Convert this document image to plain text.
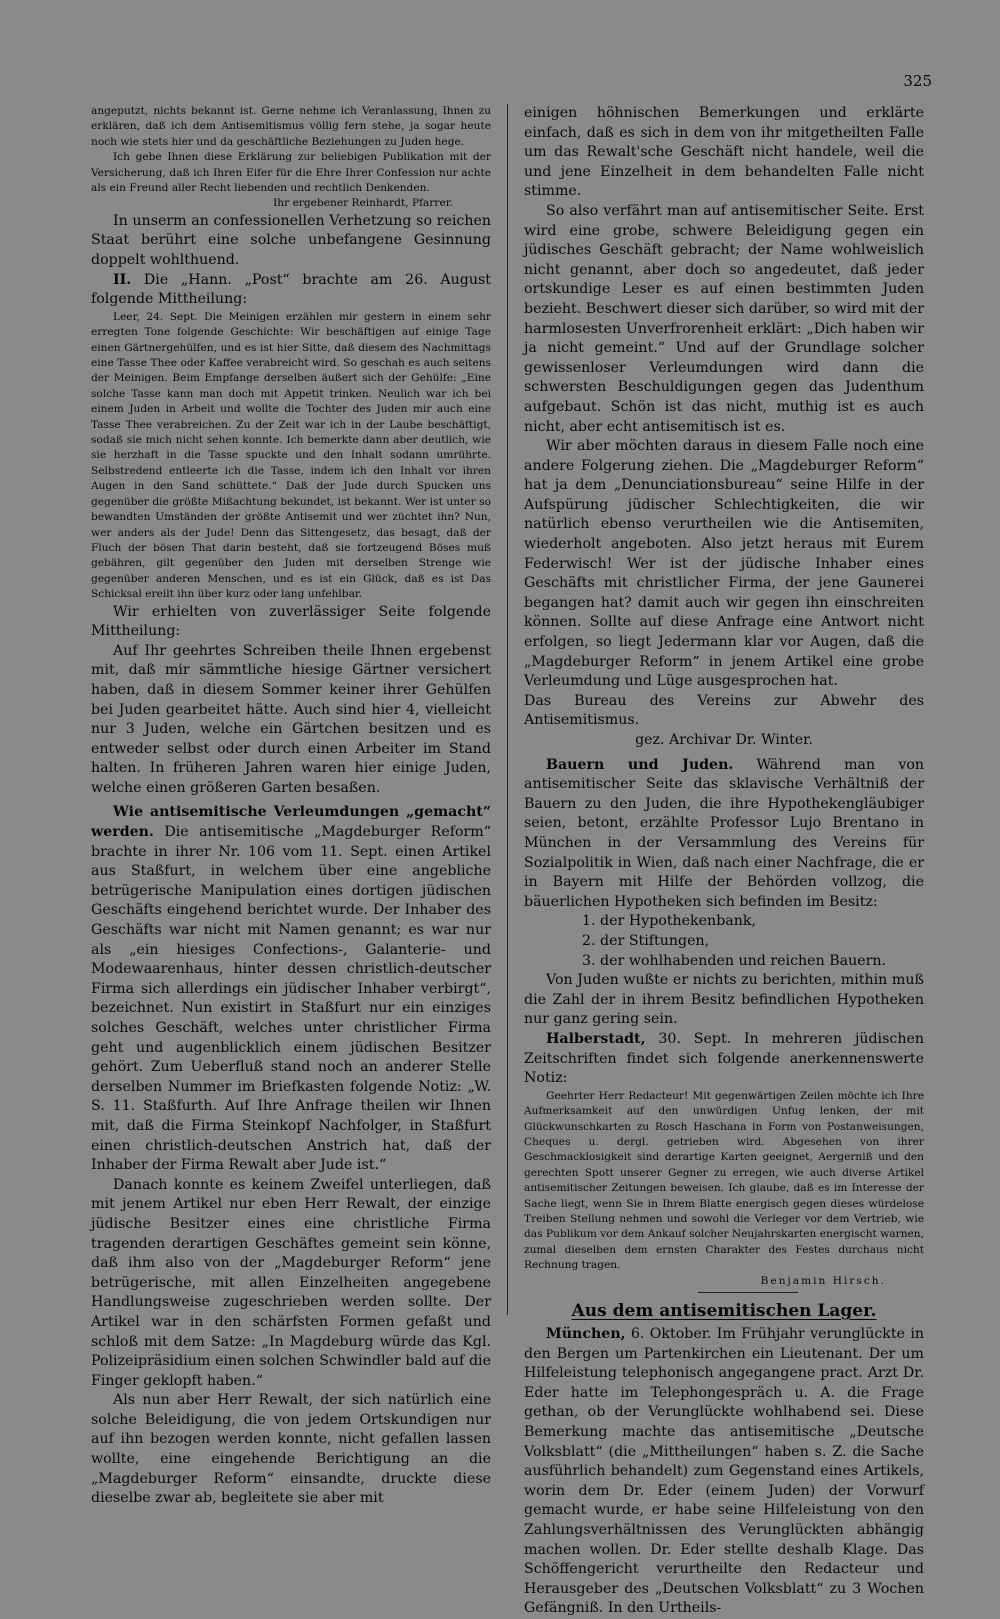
325

angeputzt, nichts bekannt ist. Gerne nehme ich Veranlassung, Ihnen zu erklären, daß ich dem Antisemitismus völlig fern stehe, ja sogar heute noch wie stets hier und da geschäftliche Beziehungen zu Juden hege.

Ich gebe Ihnen diese Erklärung zur beliebigen Publikation mit der Versicherung, daß ich Ihren Eifer für die Ehre Ihrer Confession nur achte als ein Freund aller Recht liebenden und rechtlich Denkenden.

Ihr ergebener Reinhardt, Pfarrer.

In unserm an confessionellen Verhetzung so reichen Staat berührt eine solche unbefangene Gesinnung doppelt wohlthuend.

II. Die „Hann. „Post“ brachte am 26. August folgende Mittheilung:

Leer, 24. Sept. Die Meinigen erzählen mir gestern in einem sehr erregten Tone folgende Geschichte: Wir beschäftigen auf einige Tage einen Gärtnergehülfen, und es ist hier Sitte, daß diesem des Nachmittags eine Tasse Thee oder Kaffee verabreicht wird. So geschah es auch seitens der Meinigen. Beim Empfange derselben äußert sich der Gehülfe: „Eine solche Tasse kann man doch mit Appetit trinken. Neulich war ich bei einem Juden in Arbeit und wollte die Tochter des Juden mir auch eine Tasse Thee verabreichen. Zu der Zeit war ich in der Laube beschäftigt, sodaß sie mich nicht sehen konnte. Ich bemerkte dann aber deutlich, wie sie herzhaft in die Tasse spuckte und den Inhalt sodann umrührte. Selbstredend entleerte ich die Tasse, indem ich den Inhalt vor ihren Augen in den Sand schüttete.“ Daß der Jude durch Spucken uns gegenüber die größte Mißachtung bekundet, ist bekannt. Wer ist unter so bewandten Umständen der größte Antisemit und wer züchtet ihn? Nun, wer anders als der Jude! Denn das Sittengesetz, das besagt, daß der Fluch der bösen That darin besteht, daß sie fortzeugend Böses muß gebähren, gilt gegenüber den Juden mit derselben Strenge wie gegenüber anderen Menschen, und es ist ein Glück, daß es ist Das Schicksal ereilt ihn über kurz oder lang unfehlbar.

Wir erhielten von zuverlässiger Seite folgende Mittheilung:

Auf Ihr geehrtes Schreiben theile Ihnen ergebenst mit, daß mir sämmtliche hiesige Gärtner versichert haben, daß in diesem Sommer keiner ihrer Gehülfen bei Juden gearbeitet hätte. Auch sind hier 4, vielleicht nur 3 Juden, welche ein Gärtchen besitzen und es entweder selbst oder durch einen Arbeiter im Stand halten. In früheren Jahren waren hier einige Juden, welche einen größeren Garten besaßen.

Wie antisemitische Verleumdungen „gemacht“ werden. Die antisemitische „Magdeburger Reform“ brachte in ihrer Nr. 106 vom 11. Sept. einen Artikel aus Staßfurt, in welchem über eine angebliche betrügerische Manipulation eines dortigen jüdischen Geschäfts eingehend berichtet wurde. Der Inhaber des Geschäfts war nicht mit Namen genannt; es war nur als „ein hiesiges Confections-, Galanterie- und Modewaarenhaus, hinter dessen christlich-deutscher Firma sich allerdings ein jüdischer Inhaber verbirgt“, bezeichnet. Nun existirt in Staßfurt nur ein einziges solches Geschäft, welches unter christlicher Firma geht und augenblicklich einem jüdischen Besitzer gehört. Zum Ueberfluß stand noch an anderer Stelle derselben Nummer im Briefkasten folgende Notiz: „W. S. 11. Staßfurth. Auf Ihre Anfrage theilen wir Ihnen mit, daß die Firma Steinkopf Nachfolger, in Staßfurt einen christlich-deutschen Anstrich hat, daß der Inhaber der Firma Rewalt aber Jude ist.“

Danach konnte es keinem Zweifel unterliegen, daß mit jenem Artikel nur eben Herr Rewalt, der einzige jüdische Besitzer eines eine christliche Firma tragenden derartigen Geschäftes gemeint sein könne, daß ihm also von der „Magdeburger Reform“ jene betrügerische, mit allen Einzelheiten angegebene Handlungsweise zugeschrieben werden sollte. Der Artikel war in den schärfsten Formen gefaßt und schloß mit dem Satze: „In Magdeburg würde das Kgl. Polizeipräsidium einen solchen Schwindler bald auf die Finger geklopft haben.“

Als nun aber Herr Rewalt, der sich natürlich eine solche Beleidigung, die von jedem Ortskundigen nur auf ihn bezogen werden konnte, nicht gefallen lassen wollte, eine eingehende Berichtigung an die „Magdeburger Reform“ einsandte, druckte diese dieselbe zwar ab, begleitete sie aber mit

einigen höhnischen Bemerkungen und erklärte einfach, daß es sich in dem von ihr mitgetheilten Falle um das Rewalt'sche Geschäft nicht handele, weil die und jene Einzelheit in dem behandelten Falle nicht stimme.

So also verfährt man auf antisemitischer Seite. Erst wird eine grobe, schwere Beleidigung gegen ein jüdisches Geschäft gebracht; der Name wohlweislich nicht genannt, aber doch so angedeutet, daß jeder ortskundige Leser es auf einen bestimmten Juden bezieht. Beschwert dieser sich darüber, so wird mit der harmlosesten Unverfrorenheit erklärt: „Dich haben wir ja nicht gemeint.“ Und auf der Grundlage solcher gewissenloser Verleumdungen wird dann die schwersten Beschuldigungen gegen das Judenthum aufgebaut. Schön ist das nicht, muthig ist es auch nicht, aber echt antisemitisch ist es.

Wir aber möchten daraus in diesem Falle noch eine andere Folgerung ziehen. Die „Magdeburger Reform“ hat ja dem „Denunciationsbureau“ seine Hilfe in der Aufspürung jüdischer Schlechtigkeiten, die wir natürlich ebenso verurtheilen wie die Antisemiten, wiederholt angeboten. Also jetzt heraus mit Eurem Federwisch! Wer ist der jüdische Inhaber eines Geschäfts mit christlicher Firma, der jene Gaunerei begangen hat? damit auch wir gegen ihn einschreiten können. Sollte auf diese Anfrage eine Antwort nicht erfolgen, so liegt Jedermann klar vor Augen, daß die „Magdeburger Reform“ in jenem Artikel eine grobe Verleumdung und Lüge ausgesprochen hat.

Das Bureau des Vereins zur Abwehr des Antisemitismus.

gez. Archivar Dr. Winter.

Bauern und Juden. Während man von antisemitischer Seite das sklavische Verhältniß der Bauern zu den Juden, die ihre Hypothekengläubiger seien, betont, erzählte Professor Lujo Brentano in München in der Versammlung des Vereins für Sozialpolitik in Wien, daß nach einer Nachfrage, die er in Bayern mit Hilfe der Behörden vollzog, die bäuerlichen Hypotheken sich befinden im Besitz:

1. der Hypothekenbank,

2. der Stiftungen,

3. der wohlhabenden und reichen Bauern.

Von Juden wußte er nichts zu berichten, mithin muß die Zahl der in ihrem Besitz befindlichen Hypotheken nur ganz gering sein.

Halberstadt, 30. Sept. In mehreren jüdischen Zeitschriften findet sich folgende anerkennenswerte Notiz:

Geehrter Herr Redacteur! Mit gegenwärtigen Zeilen möchte ich Ihre Aufmerksamkeit auf den unwürdigen Unfug lenken, der mit Glückwunschkarten zu Rosch Haschana in Form von Postanweisungen, Cheques u. dergl. getrieben wird. Abgesehen von ihrer Geschmacklosigkeit sind derartige Karten geeignet, Aergerniß und den gerechten Spott unserer Gegner zu erregen, wie auch diverse Artikel antisemitischer Zeitungen beweisen. Ich glaube, daß es im Interesse der Sache liegt, wenn Sie in Ihrem Blatte energisch gegen dieses würdelose Treiben Stellung nehmen und sowohl die Verleger vor dem Vertrieb, wie das Publikum vor dem Ankauf solcher Neujahrskarten energischt warnen, zumal dieselben dem ernsten Charakter des Festes durchaus nicht Rechnung tragen.

Benjamin Hirsch.

Aus dem antisemitischen Lager.

München, 6. Oktober. Im Frühjahr verunglückte in den Bergen um Partenkirchen ein Lieutenant. Der um Hilfeleistung telephonisch angegangene pract. Arzt Dr. Eder hatte im Telephongespräch u. A. die Frage gethan, ob der Verunglückte wohlhabend sei. Diese Bemerkung machte das antisemitische „Deutsche Volksblatt“ (die „Mittheilungen“ haben s. Z. die Sache ausführlich behandelt) zum Gegenstand eines Artikels, worin dem Dr. Eder (einem Juden) der Vorwurf gemacht wurde, er habe seine Hilfeleistung von den Zahlungsverhältnissen des Verunglückten abhängig machen wollen. Dr. Eder stellte deshalb Klage. Das Schöffengericht verurtheilte den Redacteur und Herausgeber des „Deutschen Volksblatt“ zu 3 Wochen Gefängniß. In den Urtheils-
